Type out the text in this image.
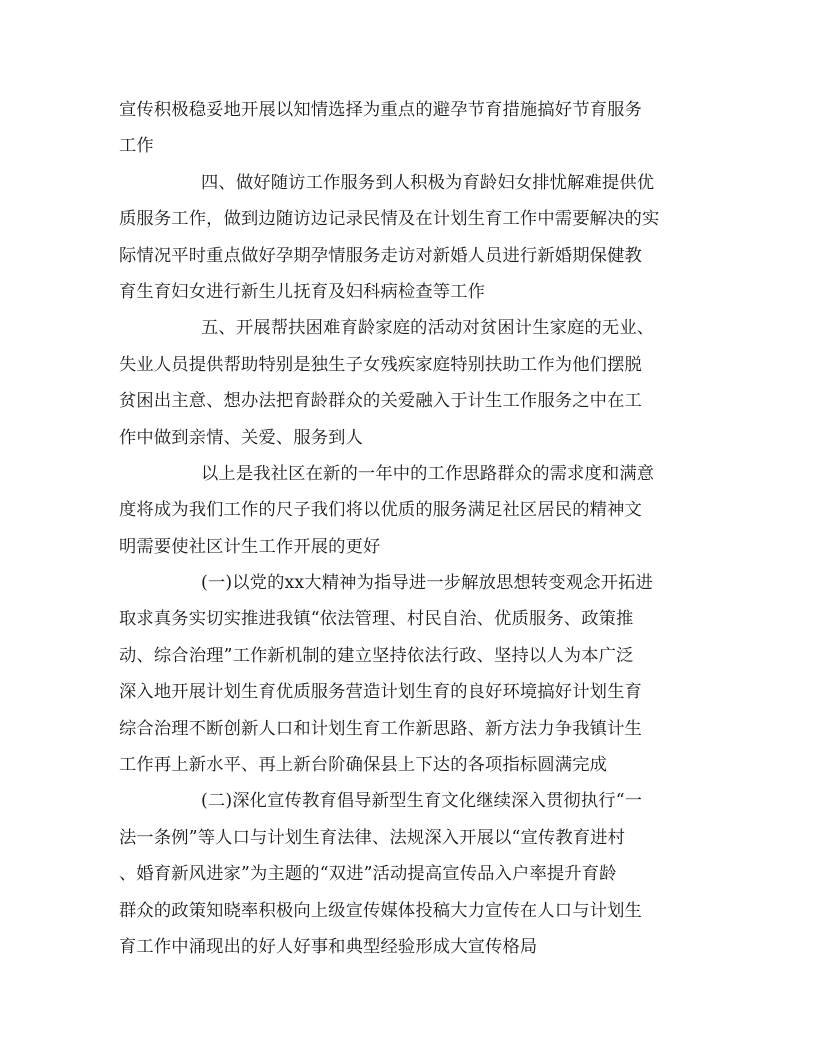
宣传积极稳妥地开展以知情选择为重点的避孕节育措施搞好节育服务
工作
四、做好随访工作服务到人积极为育龄妇女排忧解难提供优
质服务工作，做到边随访边记录民情及在计划生育工作中需要解决的实
际情况平时重点做好孕期孕情服务走访对新婚人员进行新婚期保健教
育生育妇女进行新生儿抚育及妇科病检查等工作
五、开展帮扶困难育龄家庭的活动对贫困计生家庭的无业、
失业人员提供帮助特别是独生子女残疾家庭特别扶助工作为他们摆脱
贫困出主意、想办法把育龄群众的关爱融入于计生工作服务之中在工
作中做到亲情、关爱、服务到人
以上是我社区在新的一年中的工作思路群众的需求度和满意
度将成为我们工作的尺子我们将以优质的服务满足社区居民的精神文
明需要使社区计生工作开展的更好
(一)以党的xx大精神为指导进一步解放思想转变观念开拓进
取求真务实切实推进我镇“依法管理、村民自治、优质服务、政策推
动、综合治理”工作新机制的建立坚持依法行政、坚持以人为本广泛
深入地开展计划生育优质服务营造计划生育的良好环境搞好计划生育
综合治理不断创新人口和计划生育工作新思路、新方法力争我镇计生
工作再上新水平、再上新台阶确保县上下达的各项指标圆满完成
(二)深化宣传教育倡导新型生育文化继续深入贯彻执行“一
法一条例”等人口与计划生育法律、法规深入开展以“宣传教育进村
、婚育新风进家”为主题的“双进”活动提高宣传品入户率提升育龄
群众的政策知晓率积极向上级宣传媒体投稿大力宣传在人口与计划生
育工作中涌现出的好人好事和典型经验形成大宣传格局
